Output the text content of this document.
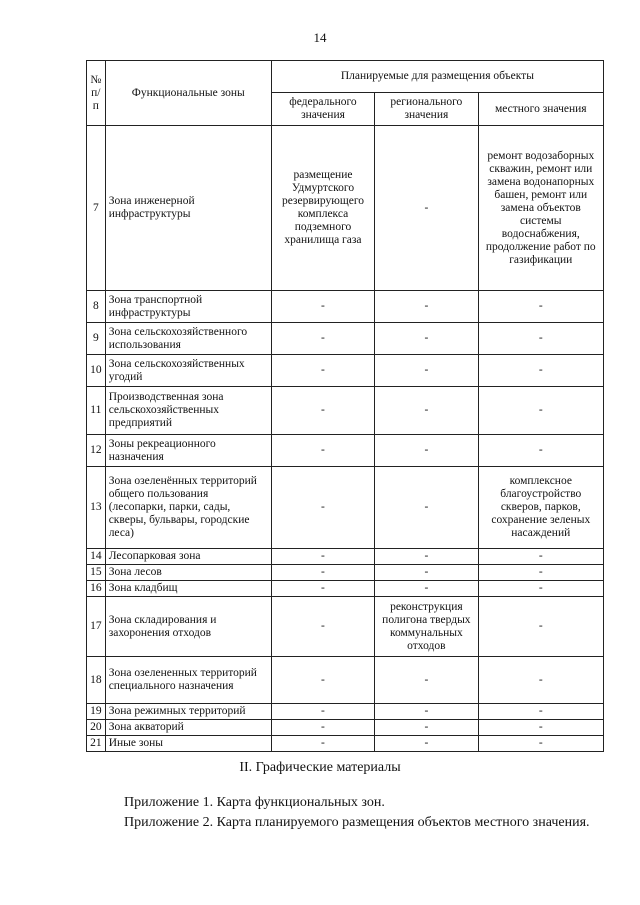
14
№ п/п	Функциональные зоны	Планируемые для размещения объекты		
		федерального значения	регионального значения	местного значения
7	Зона инженерной инфраструктуры	размещение Удмуртского резервирующего комплекса подземного хранилища газа	-	ремонт водозаборных скважин, ремонт или замена водонапорных башен, ремонт или замена объектов системы водоснабжения, продолжение работ по газификации
8	Зона транспортной инфраструктуры	-	-	-
9	Зона сельскохозяйственного использования	-	-	-
10	Зона сельскохозяйственных угодий	-	-	-
11	Производственная зона сельскохозяйственных предприятий	-	-	-
12	Зоны рекреационного назначения	-	-	-
13	Зона озеленённых территорий общего пользования (лесопарки, парки, сады, скверы, бульвары, городские леса)	-	-	комплексное благоустройство скверов, парков, сохранение зеленых насаждений
14	Лесопарковая зона	-	-	-
15	Зона лесов	-	-	-
16	Зона кладбищ	-	-	-
17	Зона складирования и захоронения отходов	-	реконструкция полигона твердых коммунальных отходов	-
18	Зона озелененных территорий специального назначения	-	-	-
19	Зона режимных территорий	-	-	-
20	Зона акваторий	-	-	-
21	Иные зоны	-	-	-
II. Графические материалы
Приложение 1. Карта функциональных зон.
Приложение 2. Карта планируемого размещения объектов местного значения.
